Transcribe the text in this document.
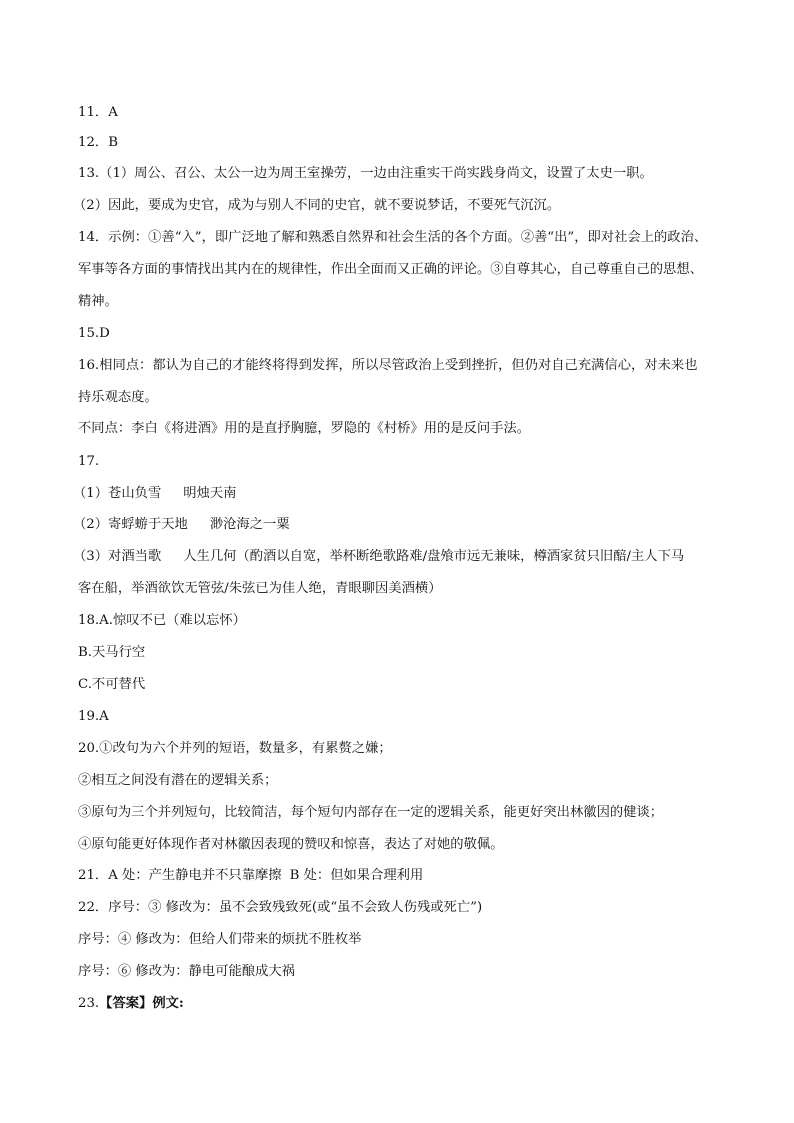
11．A
12．B
13.（1）周公、召公、太公一边为周王室操劳，一边由注重实干尚实践身尚文，设置了太史一职。
（2）因此，要成为史官，成为与别人不同的史官，就不要说梦话，不要死气沉沉。
14．示例：①善“入”，即广泛地了解和熟悉自然界和社会生活的各个方面。②善“出”，即对社会上的政治、
军事等各方面的事情找出其内在的规律性，作出全面而又正确的评论。③自尊其心，自己尊重自己的思想、
精神。
15.D
16.相同点：都认为自己的才能终将得到发挥，所以尽管政治上受到挫折，但仍对自己充满信心，对未来也
持乐观态度。
不同点：李白《将进酒》用的是直抒胸臆，罗隐的《村桥》用的是反问手法。
17.
（1）苍山负雪 明烛天南
（2）寄蜉蝣于天地 渺沧海之一粟
（3）对酒当歌 人生几何（酌酒以自宽，举杯断绝歌路难/盘飧市远无兼味，樽酒家贫只旧醅/主人下马
客在船，举酒欲饮无管弦/朱弦已为佳人绝，青眼聊因美酒横）
18.A.惊叹不已（难以忘怀）
B.天马行空
C.不可替代
19.A
20.①改句为六个并列的短语，数量多，有累赘之嫌；
②相互之间没有潜在的逻辑关系；
③原句为三个并列短句，比较简洁，每个短句内部存在一定的逻辑关系，能更好突出林徽因的健谈；
④原句能更好体现作者对林徽因表现的赞叹和惊喜，表达了对她的敬佩。
21．A 处：产生静电并不只靠摩擦 B 处：但如果合理利用
22．序号：③ 修改为：虽不会致残致死(或“虽不会致人伤残或死亡”)
序号：④ 修改为：但给人们带来的烦扰不胜枚举
序号：⑥ 修改为：静电可能酿成大祸
23.【答案】例文:
